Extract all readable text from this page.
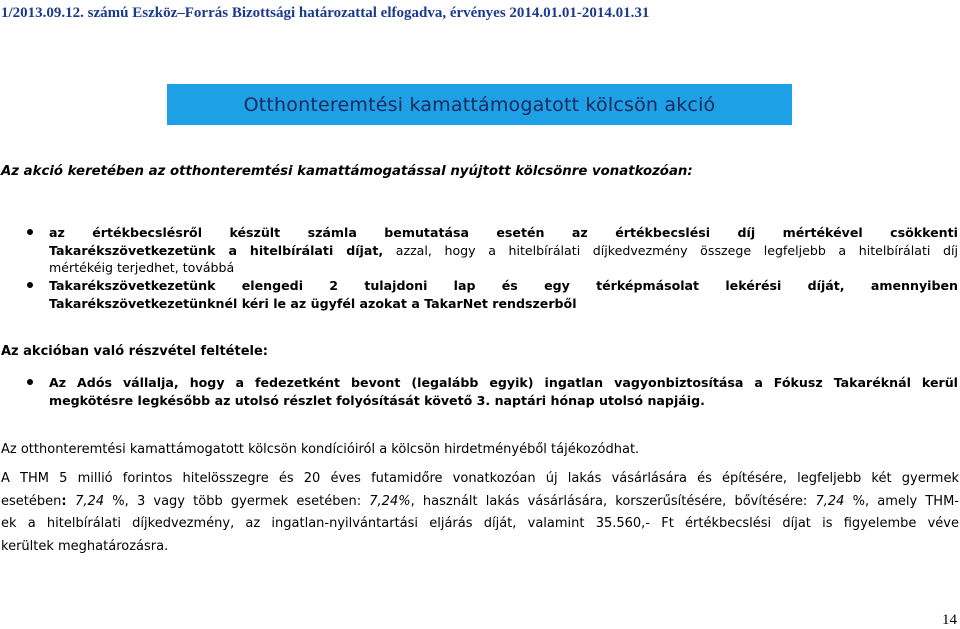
1/2013.09.12. számú Eszköz–Forrás Bizottsági határozattal elfogadva, érvényes 2014.01.01-2014.01.31
Otthonteremtési kamattámogatott kölcsön akció
Az akció keretében az otthonteremtési kamattámogatással nyújtott kölcsönre vonatkozóan:
az értékbecslésről készült számla bemutatása esetén az értékbecslési díj mértékével csökkenti
Takarékszövetkezetünk a hitelbírálati díjat, azzal, hogy a hitelbírálati díjkedvezmény összege legfeljebb a hitelbírálati díj
mértékéig terjedhet, továbbá
Takarékszövetkezetünk elengedi 2 tulajdoni lap és egy térképmásolat lekérési díját, amennyiben
Takarékszövetkezetünknél kéri le az ügyfél azokat a TakarNet rendszerből
Az akcióban való részvétel feltétele:
Az Adós vállalja, hogy a fedezetként bevont (legalább egyik) ingatlan vagyonbiztosítása a Fókusz Takaréknál kerül
megkötésre legkésőbb az utolsó részlet folyósítását követő 3. naptári hónap utolsó napjáig.
Az otthonteremtési kamattámogatott kölcsön kondícióiról a kölcsön hirdetményéből tájékozódhat.
A THM 5 millió forintos hitelösszegre és 20 éves futamidőre vonatkozóan új lakás vásárlására és építésére, legfeljebb két gyermek
esetében: 7,24 %, 3 vagy több gyermek esetében: 7,24%, használt lakás vásárlására, korszerűsítésére, bővítésére: 7,24 %, amely THM-
ek a hitelbírálati díjkedvezmény, az ingatlan-nyilvántartási eljárás díját, valamint 35.560,- Ft értékbecslési díjat is figyelembe véve
kerültek meghatározásra.
14
